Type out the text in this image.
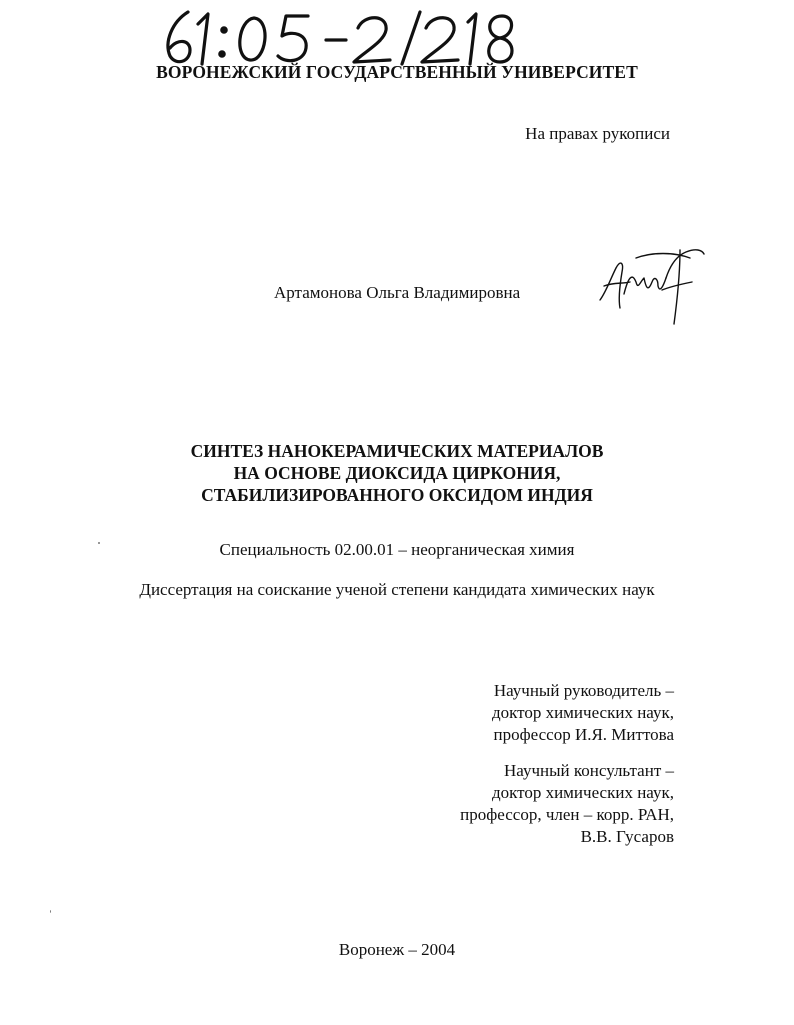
ВОРОНЕЖСКИЙ ГОСУДАРСТВЕННЫЙ УНИВЕРСИТЕТ
На правах рукописи
Артамонова Ольга Владимировна
СИНТЕЗ НАНОКЕРАМИЧЕСКИХ МАТЕРИАЛОВ
НА ОСНОВЕ ДИОКСИДА ЦИРКОНИЯ,
СТАБИЛИЗИРОВАННОГО ОКСИДОМ ИНДИЯ
Специальность 02.00.01 – неорганическая химия
Диссертация на соискание ученой степени кандидата химических наук
Научный руководитель –
доктор химических наук,
профессор И.Я. Миттова
Научный консультант –
доктор химических наук,
профессор, член – корр. РАН,
В.В. Гусаров
Воронеж – 2004
